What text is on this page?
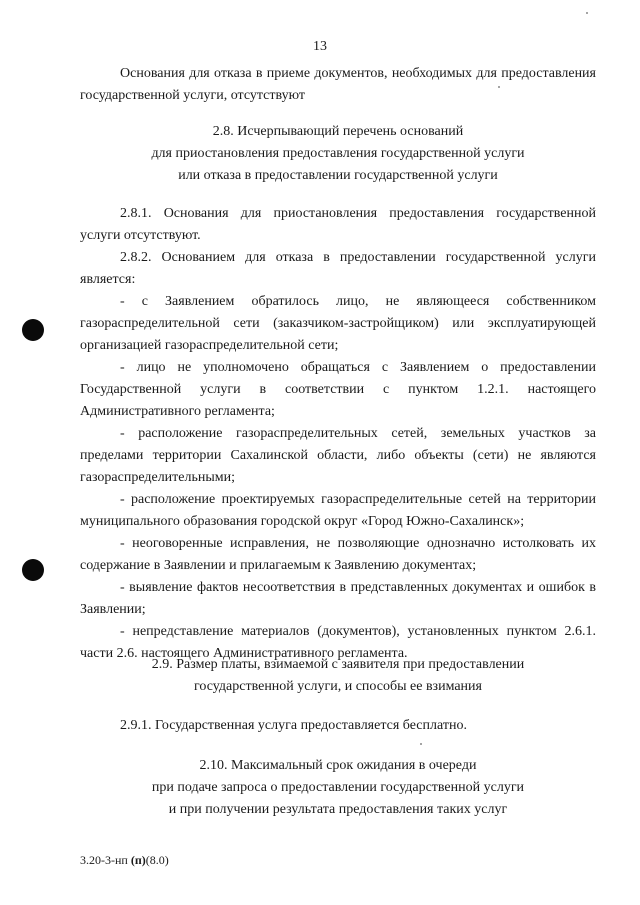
13

Основания для отказа в приеме документов, необходимых для предоставления государственной услуги, отсутствуют

2.8. Исчерпывающий перечень оснований
для приостановления предоставления государственной услуги
или отказа в предоставлении государственной услуги

2.8.1. Основания для приостановления предоставления государственной услуги отсутствуют.

2.8.2. Основанием для отказа в предоставлении государственной услуги является:

- с Заявлением обратилось лицо, не являющееся собственником газораспределительной сети (заказчиком-застройщиком) или эксплуатирующей организацией газораспределительной сети;

- лицо не уполномочено обращаться с Заявлением о предоставлении Государственной услуги в соответствии с пунктом 1.2.1. настоящего Административного регламента;

- расположение газораспределительных сетей, земельных участков за пределами территории Сахалинской области, либо объекты (сети) не являются газораспределительными;

- расположение проектируемых газораспределительные сетей на территории муниципального образования городской округ «Город Южно-Сахалинск»;

- неоговоренные исправления, не позволяющие однозначно истолковать их содержание в Заявлении и прилагаемым к Заявлению документах;

- выявление фактов несоответствия в представленных документах и ошибок в Заявлении;

- непредставление материалов (документов), установленных пунктом 2.6.1. части 2.6. настоящего Административного регламента.

2.9. Размер платы, взимаемой с заявителя при предоставлении
государственной услуги, и способы ее взимания

2.9.1. Государственная услуга предоставляется бесплатно.

2.10. Максимальный срок ожидания в очереди
при подаче запроса о предоставлении государственной услуги
и при получении результата предоставления таких услуг
3.20-3-нп (п)(8.0)
